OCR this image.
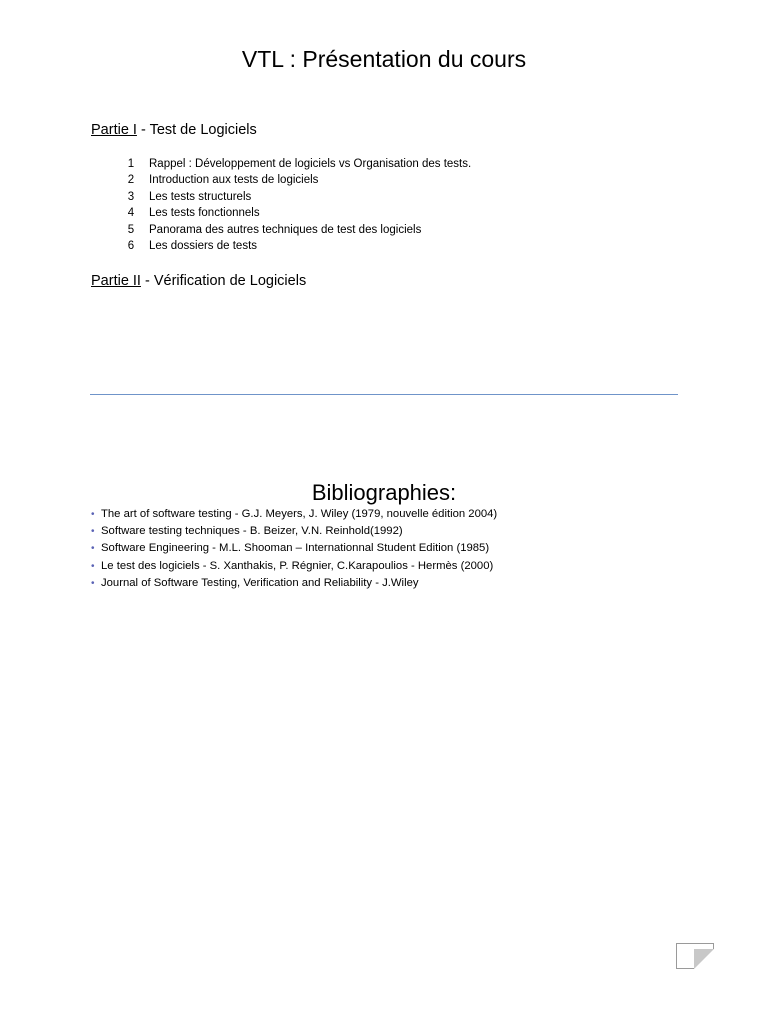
VTL : Présentation du cours
Partie I - Test de Logiciels
1	Rappel : Développement de logiciels vs Organisation des tests.
2	Introduction aux tests de logiciels
3	Les tests structurels
4	Les tests fonctionnels
5	Panorama des autres techniques de test des logiciels
6	Les dossiers de tests
Partie II - Vérification de Logiciels
Bibliographies:
• The art of software testing - G.J. Meyers, J. Wiley (1979, nouvelle édition 2004)
• Software testing techniques - B. Beizer, V.N. Reinhold(1992)
• Software Engineering - M.L. Shooman – Internationnal Student Edition (1985)
• Le test des logiciels - S. Xanthakis, P. Régnier, C.Karapoulios - Hermès (2000)
• Journal of Software Testing, Verification and Reliability - J.Wiley
1
